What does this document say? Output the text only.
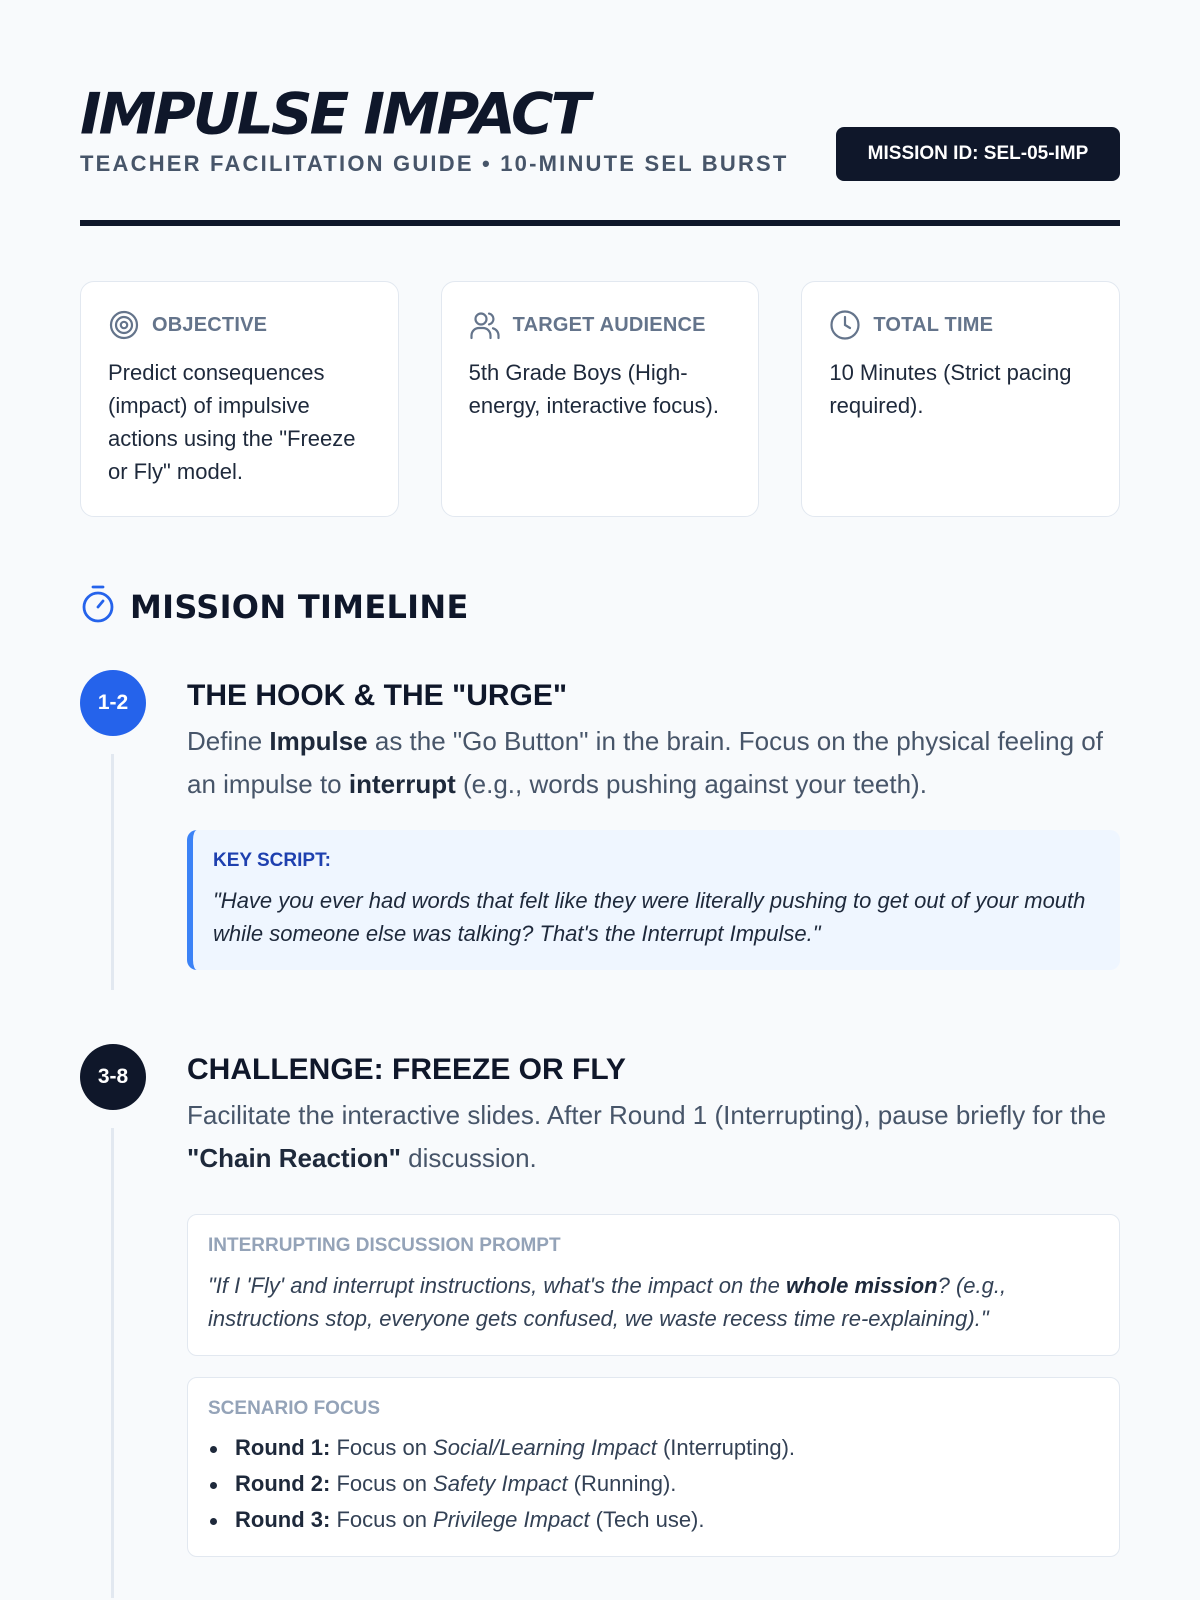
IMPULSE IMPACT
TEACHER FACILITATION GUIDE • 10-MINUTE SEL BURST	MISSION ID: SEL-05-IMP
OBJECTIVE
Predict consequences (impact) of impulsive actions using the "Freeze or Fly" model.
TARGET AUDIENCE
5th Grade Boys (High-energy, interactive focus).
TOTAL TIME
10 Minutes (Strict pacing required).
MISSION TIMELINE
1-2	THE HOOK & THE "URGE"
Define Impulse as the "Go Button" in the brain. Focus on the physical feeling of an impulse to interrupt (e.g., words pushing against your teeth).
KEY SCRIPT:
"Have you ever had words that felt like they were literally pushing to get out of your mouth while someone else was talking? That's the Interrupt Impulse."
3-8	CHALLENGE: FREEZE OR FLY
Facilitate the interactive slides. After Round 1 (Interrupting), pause briefly for the "Chain Reaction" discussion.
INTERRUPTING DISCUSSION PROMPT
"If I 'Fly' and interrupt instructions, what's the impact on the whole mission? (e.g., instructions stop, everyone gets confused, we waste recess time re-explaining)."
SCENARIO FOCUS
Round 1: Focus on Social/Learning Impact (Interrupting).
Round 2: Focus on Safety Impact (Running).
Round 3: Focus on Privilege Impact (Tech use).
